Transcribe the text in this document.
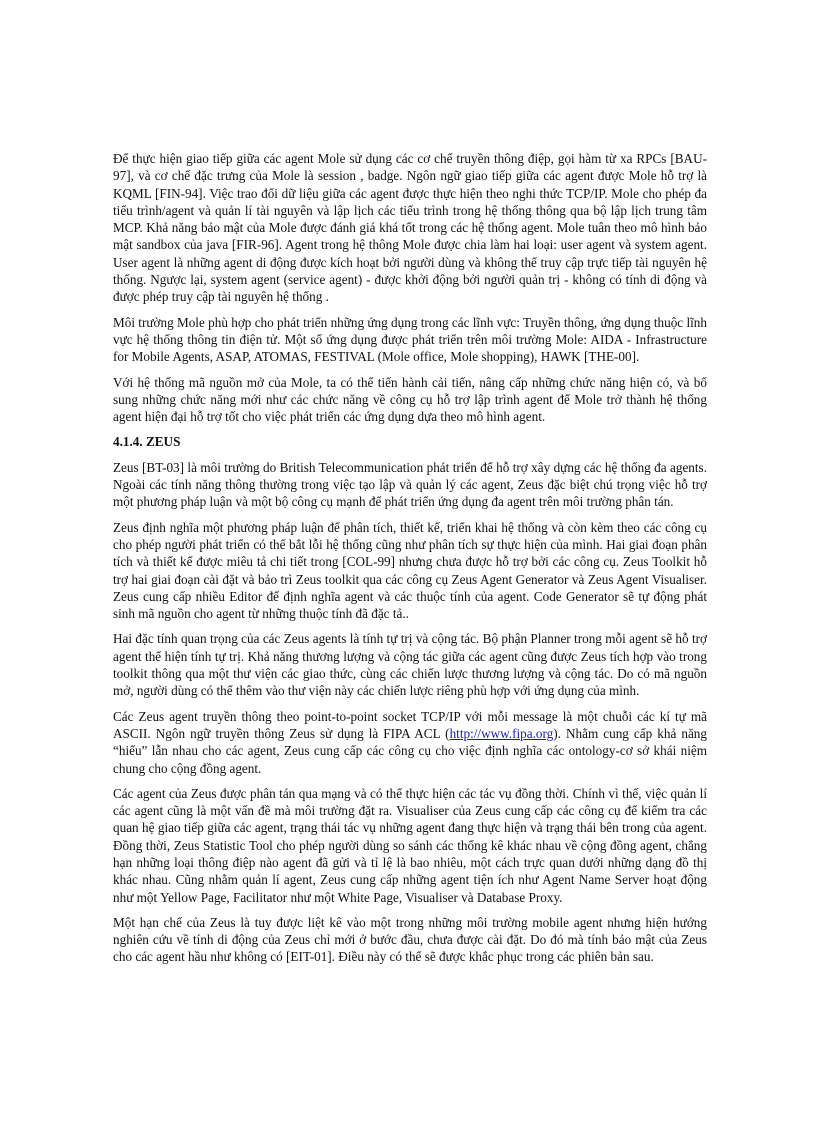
Để thực hiện giao tiếp giữa các agent Mole sử dụng các cơ chế truyền thông điệp, gọi hàm từ xa RPCs [BAU-97], và cơ chế đặc trưng của Mole là session , badge. Ngôn ngữ giao tiếp giữa các agent được Mole hỗ trợ là KQML [FIN-94]. Việc trao đổi dữ liệu giữa các agent được thực hiện theo nghi thức TCP/IP. Mole cho phép đa tiểu trình/agent và quản lí tài nguyên và lập lịch các tiểu trình trong hệ thống thông qua bộ lập lịch trung tâm MCP. Khả năng bảo mật của Mole được đánh giá khá tốt trong các hệ thống agent. Mole tuân theo mô hình bảo mật sandbox của java [FIR-96]. Agent trong hệ thông Mole được chia làm hai loại: user agent và system agent. User agent là những agent di động được kích hoạt bởi người dùng và không thể truy cập trực tiếp tài nguyên hệ thống. Ngược lại, system agent (service agent) - được khởi động bởi người quản trị - không có tính di động và được phép truy cập tài nguyên hệ thống .

Môi trường Mole phù hợp cho phát triển những ứng dụng trong các lĩnh vực: Truyền thông, ứng dụng thuộc lĩnh vực hệ thống thông tin điện tử. Một số ứng dụng được phát triển trên môi trường Mole: AIDA - Infrastructure for Mobile Agents, ASAP, ATOMAS, FESTIVAL (Mole office, Mole shopping), HAWK [THE-00].

Với hệ thống mã nguồn mở của Mole, ta có thể tiến hành cải tiến, nâng cấp những chức năng hiện có, và bổ sung những chức năng mới như các chức năng về công cụ hỗ trợ lập trình agent để Mole trở thành hệ thống agent hiện đại hỗ trợ tốt cho việc phát triển các ứng dụng dựa theo mô hình agent.

4.1.4. ZEUS

Zeus [BT-03] là môi trường do British Telecommunication phát triển để hỗ trợ xây dựng các hệ thống đa agents. Ngoài các tính năng thông thường trong việc tạo lập và quản lý các agent, Zeus đặc biệt chú trọng việc hỗ trợ một phương pháp luận và một bộ công cụ mạnh để phát triển ứng dụng đa agent trên môi trường phân tán.

Zeus định nghĩa một phương pháp luận để phân tích, thiết kế, triển khai hệ thống và còn kèm theo các công cụ cho phép người phát triển có thể bắt lỗi hệ thống cũng như phân tích sự thực hiện của mình. Hai giai đoạn phân tích và thiết kế được miêu tả chi tiết trong [COL-99] nhưng chưa được hỗ trợ bởi các công cụ. Zeus Toolkit hỗ trợ hai giai đoạn cài đặt và bảo trì Zeus toolkit qua các công cụ Zeus Agent Generator và Zeus Agent Visualiser. Zeus cung cấp nhiều Editor để định nghĩa agent và các thuộc tính của agent. Code Generator sẽ tự động phát sinh mã nguồn cho agent từ những thuộc tính đã đặc tả..

Hai đặc tính quan trọng của các Zeus agents là tính tự trị và cộng tác. Bộ phận Planner trong mỗi agent sẽ hỗ trợ agent thể hiện tính tự trị. Khả năng thương lượng và cộng tác giữa các agent cũng được Zeus tích hợp vào trong toolkit thông qua một thư viện các giao thức, cùng các chiến lược thương lượng và cộng tác. Do có mã nguồn mở, người dùng có thể thêm vào thư viện này các chiến lược riêng phù hợp với ứng dụng của mình.

Các Zeus agent truyền thông theo point-to-point socket TCP/IP với mỗi message là một chuỗi các kí tự mã ASCII. Ngôn ngữ truyền thông Zeus sử dụng là FIPA ACL (http://www.fipa.org). Nhằm cung cấp khả năng “hiểu” lẫn nhau cho các agent, Zeus cung cấp các công cụ cho việc định nghĩa các ontology-cơ sở khái niệm chung cho cộng đồng agent.

Các agent của Zeus được phân tán qua mạng và có thể thực hiện các tác vụ đồng thời. Chính vì thế, việc quản lí các agent cũng là một vấn đề mà môi trường đặt ra. Visualiser của Zeus cung cấp các công cụ để kiểm tra các quan hệ giao tiếp giữa các agent, trạng thái tác vụ những agent đang thực hiện và trạng thái bên trong của agent. Đồng thời, Zeus Statistic Tool cho phép người dùng so sánh các thống kê khác nhau về cộng đồng agent, chẳng hạn những loại thông điệp nào agent đã gửi và tỉ lệ là bao nhiêu, một cách trực quan dưới những dạng đồ thị khác nhau. Cũng nhằm quản lí agent, Zeus cung cấp những agent tiện ích như Agent Name Server hoạt động như một Yellow Page, Facilitator như một White Page, Visualiser và Database Proxy.

Một hạn chế của Zeus là tuy được liệt kê vào một trong những môi trường mobile agent nhưng hiện hướng nghiên cứu về tính di động của Zeus chỉ mới ở bước đầu, chưa được cài đặt. Do đó mà tính bảo mật của Zeus cho các agent hầu như không có [EIT-01]. Điều này có thể sẽ được khắc phục trong các phiên bản sau.
